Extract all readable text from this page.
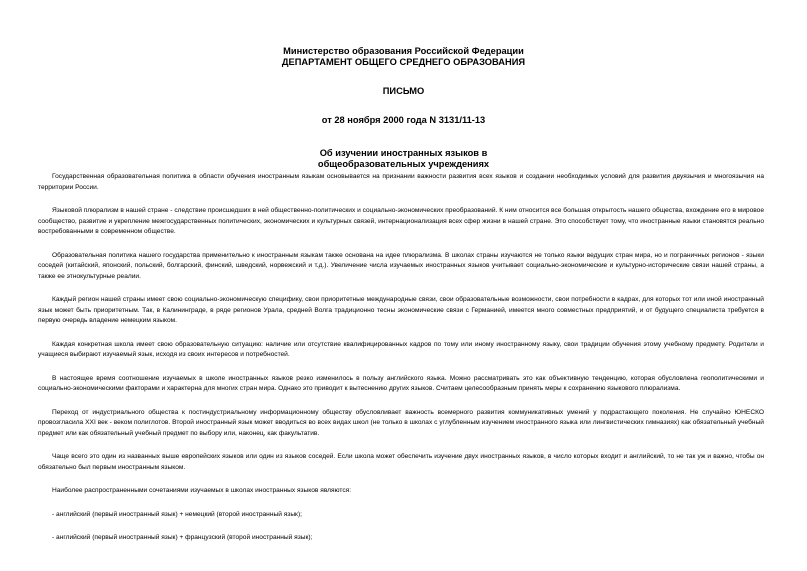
Министерство образования Российской Федерации
ДЕПАРТАМЕНТ ОБЩЕГО СРЕДНЕГО ОБРАЗОВАНИЯ
ПИСЬМО
от 28 ноября 2000 года N 3131/11-13
Об изучении иностранных языков в
общеобразовательных учреждениях

Государственная образовательная политика в области обучения иностранным языкам основывается на признании важности развития всех языков и создании необходимых условий для развития двуязычия и многоязычия на территории России.

Языковой плюрализм в нашей стране - следствие происшедших в ней общественно-политических и социально-экономических преобразований. К ним относится все большая открытость нашего общества, вхождение его в мировое сообщество, развитие и укрепление межгосударственных политических, экономических и культурных связей, интернационализация всех сфер жизни в нашей стране. Это способствует тому, что иностранные языки становятся реально востребованными в современном обществе.

Образовательная политика нашего государства применительно к иностранным языкам также основана на идее плюрализма. В школах страны изучаются не только языки ведущих стран мира, но и пограничных регионов - языки соседей (китайский, японский, польский, болгарский, финский, шведский, норвежский и т.д.). Увеличение числа изучаемых иностранных языков учитывает социально-экономические и культурно-исторические связи нашей страны, а также ее этнокультурные реалии.

Каждый регион нашей страны имеет свою социально-экономическую специфику, свои приоритетные международные связи, свои образовательные возможности, свои потребности в кадрах, для которых тот или иной иностранный язык может быть приоритетным. Так, в Калининграде, в ряде регионов Урала, средней Волга традиционно тесны экономические связи с Германией, имеется много совместных предприятий, и от будущего специалиста требуется в первую очередь владение немецким языком.

Каждая конкретная школа имеет свою образовательную ситуацию: наличие или отсутствие квалифицированных кадров по тому или иному иностранному языку, свои традиции обучения этому учебному предмету. Родители и учащиеся выбирают изучаемый язык, исходя из своих интересов и потребностей.

В настоящее время соотношение изучаемых в школе иностранных языков резко изменилось в пользу английского языка. Можно рассматривать это как объективную тенденцию, которая обусловлена геополитическими и социально-экономическими факторами и характерна для многих стран мира. Однако это приводит к вытеснению других языков. Считаем целесообразным принять меры к сохранению языкового плюрализма.

Переход от индустриального общества к постиндустриальному информационному обществу обусловливает важность всемерного развития коммуникативных умений у подрастающего поколения. Не случайно ЮНЕСКО провозгласила XXI век - веком полиглотов. Второй иностранный язык может вводиться во всех видах школ (не только в школах с углубленным изучением иностранного языка или лингвистических гимназиях) как обязательный учебный предмет или как обязательный учебный предмет по выбору или, наконец, как факультатив.

Чаще всего это один из названных выше европейских языков или один из языков соседей. Если школа может обеспечить изучение двух иностранных языков, в число которых входит и английский, то не так уж и важно, чтобы он обязательно был первым иностранным языком.

Наиболее распространенными сочетаниями изучаемых в школах иностранных языков являются:

- английский (первый иностранный язык) + немецкий (второй иностранный язык);
- английский (первый иностранный язык) + французский (второй иностранный язык);
